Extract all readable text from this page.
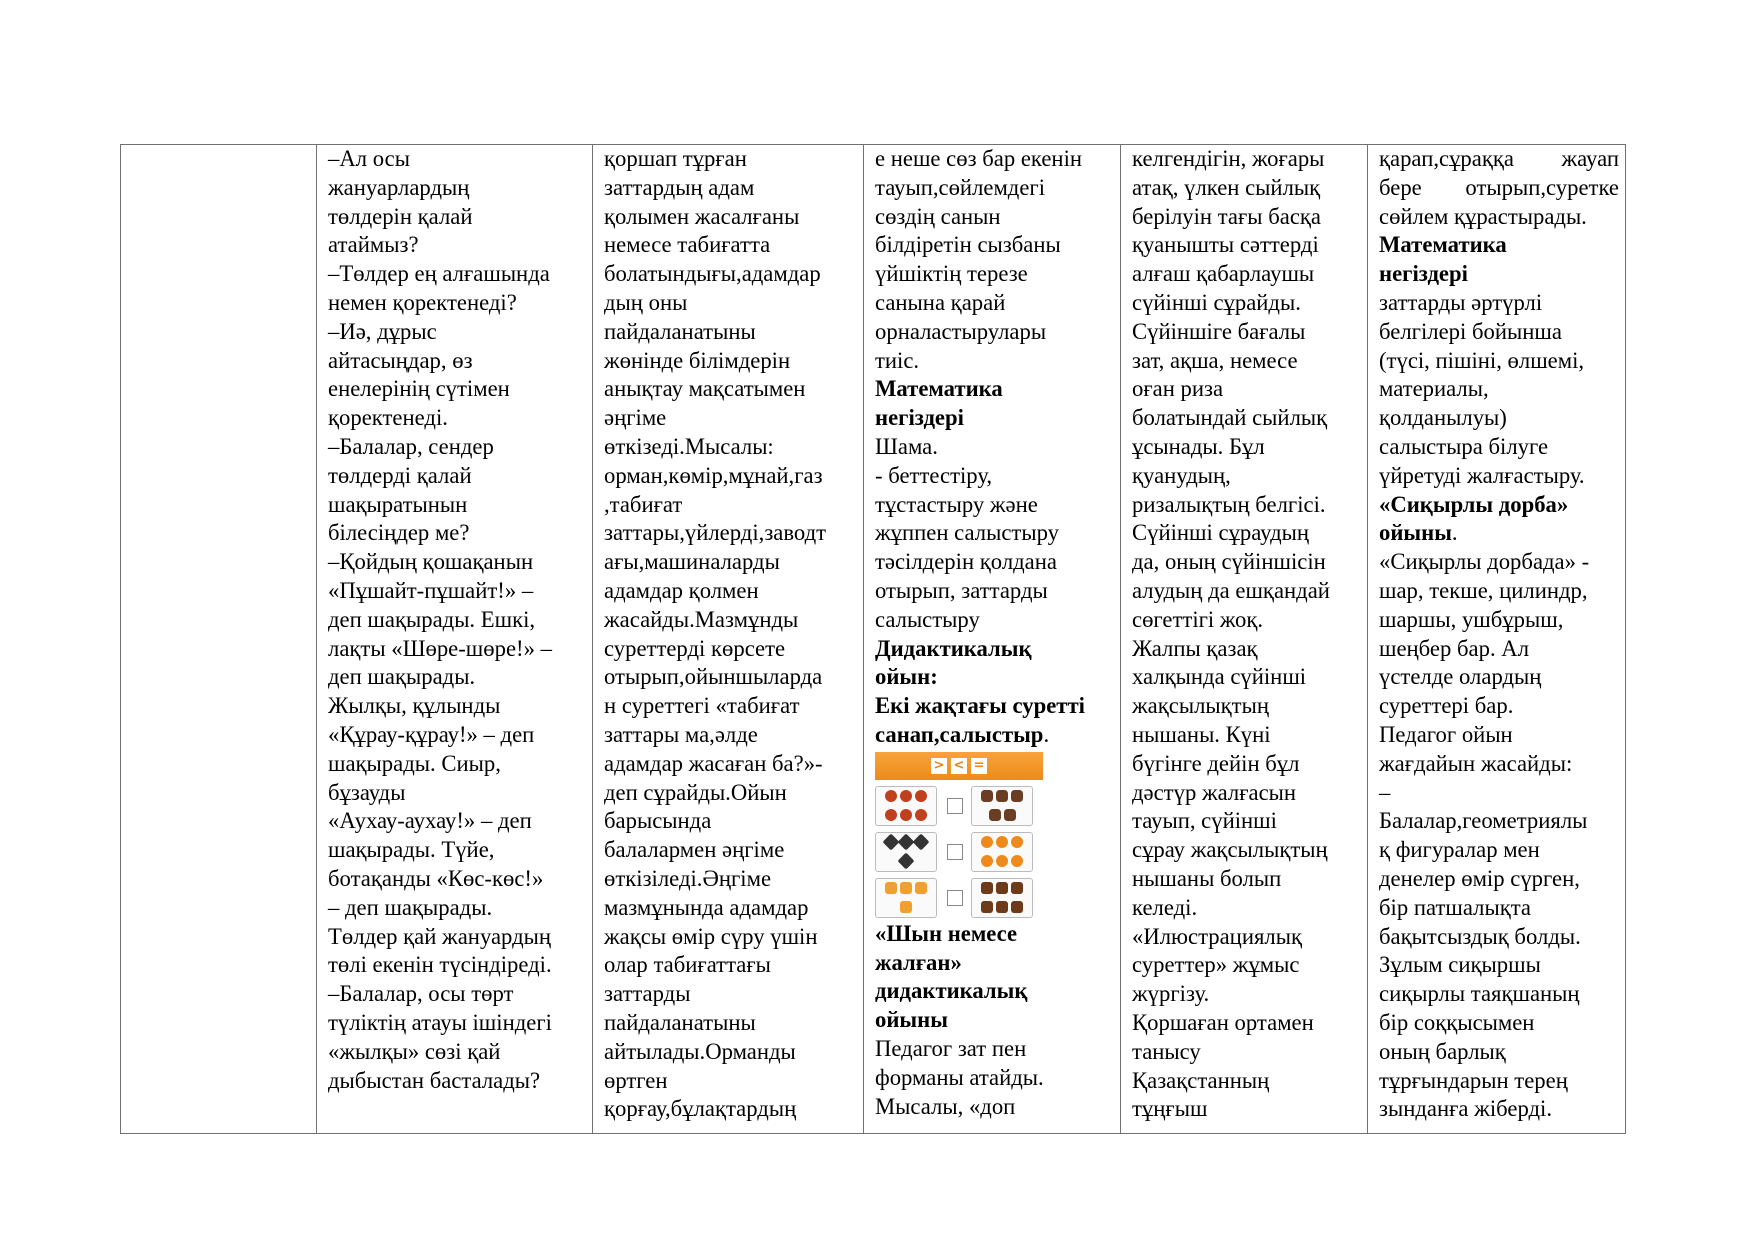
–Ал осы
жануарлардың
төлдерін қалай
атаймыз?
–Төлдер ең алғашында
немен қоректенеді?
–Иә, дұрыс
айтасыңдар, өз
енелерінің сүтімен
қоректенеді.
–Балалар, сендер
төлдерді қалай
шақыратынын
білесіңдер ме?
–Қойдың қошақанын
«Пұшайт-пұшайт!» –
деп шақырады. Ешкі,
лақты «Шөре-шөре!» –
деп шақырады.
Жылқы, құлынды
«Құрау-құрау!» – деп
шақырады. Сиыр,
бұзауды
«Аухау-аухау!» – деп
шақырады. Түйе,
ботақанды «Көс-көс!»
– деп шақырады.
Төлдер қай жануардың
төлі екенін түсіндіреді.
–Балалар, осы төрт
түліктің атауы ішіндегі
«жылқы» сөзі қай
дыбыстан басталады?

қоршап тұрған
заттардың адам
қолымен жасалғаны
немесе табиғатта
болатындығы,адамдар
дың оны
пайдаланатыны
жөнінде білімдерін
анықтау мақсатымен
әңгіме
өткізеді.Мысалы:
орман,көмір,мұнай,газ
,табиғат
заттары,үйлерді,заводт
ағы,машиналарды
адамдар қолмен
жасайды.Мазмұнды
суреттерді көрсете
отырып,ойыншыларда
н суреттегі «табиғат
заттары ма,әлде
адамдар жасаған ба?»-
деп сұрайды.Ойын
барысында
балалармен әңгіме
өткізіледі.Әңгіме
мазмұнында адамдар
жақсы өмір сүру үшін
олар табиғаттағы
заттарды
пайдаланатыны
айтылады.Орманды
өртген
қорғау,бұлақтардың

е неше сөз бар екенін
тауып,сөйлемдегі
сөздің санын
білдіретін сызбаны
үйшіктің терезе
санына қарай
орналастырулары
тиіс.
Математика
негіздері
Шама.
- беттестіру,
тұстастыру және
жұппен салыстыру
тәсілдерін қолдана
отырып, заттарды
салыстыру
Дидактикалық
ойын:
Екі жақтағы суретті
санап,салыстыр.
> < =
«Шын немесе
жалған»
дидактикалық
ойыны
Педагог зат пен
форманы атайды.
Мысалы, «доп

келгендігін, жоғары
атақ, үлкен сыйлық
берілуін тағы басқа
қуанышты сәттерді
алғаш қабарлаушы
сүйінші сұрайды.
Сүйіншіге бағалы
зат, ақша, немесе
оған риза
болатындай сыйлық
ұсынады. Бұл
қуанудың,
ризалықтың белгісі.
Сүйінші сұраудың
да, оның сүйіншісін
алудың да ешқандай
сөгеттігі жоқ.
Жалпы қазақ
халқында сүйінші
жақсылықтың
нышаны. Күні
бүгінге дейін бұл
дәстүр жалғасын
тауып, сүйінші
сұрау жақсылықтың
нышаны болып
келеді.
«Илюстрациялық
суреттер» жұмыс
жүргізу.
Қоршаған ортамен
танысу
Қазақстанның
тұңғыш

қарап,сұраққа жауап
бере отырып,суретке
сөйлем құрастырады.
Математика
негіздері
заттарды әртүрлі
белгілері бойынша
(түсі, пішіні, өлшемі,
материалы,
қолданылуы)
салыстыра білуге
үйретуді жалғастыру.
«Сиқырлы дорба»
ойыны.
«Сиқырлы дорбада» -
шар, текше, цилиндр,
шаршы, ушбұрыш,
шеңбер бар. Ал
үстелде олардың
суреттері бар.
Педагог ойын
жағдайын жасайды:
–
Балалар,геометриялы
қ фигуралар мен
денелер өмір сүрген,
бір патшалықта
бақытсыздық болды.
Зұлым сиқыршы
сиқырлы таяқшаның
бір соққысымен
оның барлық
тұрғындарын терең
зынданға жіберді.
